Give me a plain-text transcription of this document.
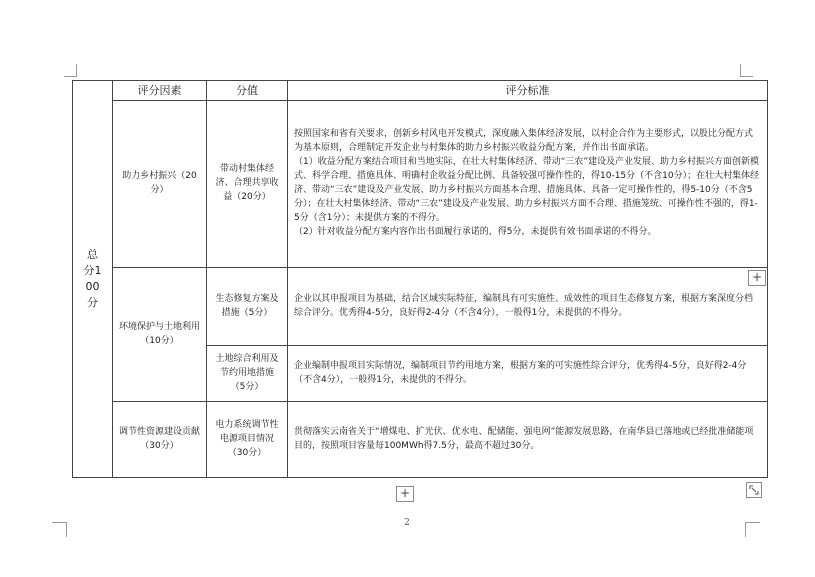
总分100分	评分因素	分值	评分标准
	助力乡村振兴（20分）	带动村集体经济、合理共享收益（20分）	按照国家和省有关要求，创新乡村风电开发模式，深度融入集体经济发展，以村企合作为主要形式，以股比分配方式为基本原则，合理制定开发企业与村集体的助力乡村振兴收益分配方案，并作出书面承诺。
（1）收益分配方案结合项目和当地实际，在壮大村集体经济、带动“三农”建设及产业发展、助力乡村振兴方面创新模式、科学合理、措施具体、明确村企收益分配比例、具备较强可操作性的，得10-15分（不含10分）；在壮大村集体经济、带动“三农”建设及产业发展、助力乡村振兴方面基本合理、措施具体、具备一定可操作性的，得5-10分（不含5分）；在壮大村集体经济、带动“三农”建设及产业发展、助力乡村振兴方面不合理、措施笼统、可操作性不强的，得1-5分（含1分）；未提供方案的不得分。
（2）针对收益分配方案内容作出书面履行承诺的，得5分，未提供有效书面承诺的不得分。

	环境保护与土地利用（10分）	生态修复方案及措施（5分）	企业以其申报项目为基础，结合区域实际特征，编制具有可实施性、成效性的项目生态修复方案，根据方案深度分档综合评分。优秀得4-5分，良好得2-4分（不含4分），一般得1分，未提供的不得分。

		土地综合利用及节约用地措施（5分）	企业编制申报项目实际情况，编制项目节约用地方案，根据方案的可实施性综合评分，优秀得4-5分，良好得2-4分（不含4分），一般得1分，未提供的不得分。

	调节性资源建设贡献（30分）	电力系统调节性电源项目情况（30分）	贯彻落实云南省关于“增煤电、扩光伏、优水电、配储能、强电网”能源发展思路，在南华县已落地或已经批准储能项目的，按照项目容量每100MWh得7.5分，最高不超过30分。
+
+
2
